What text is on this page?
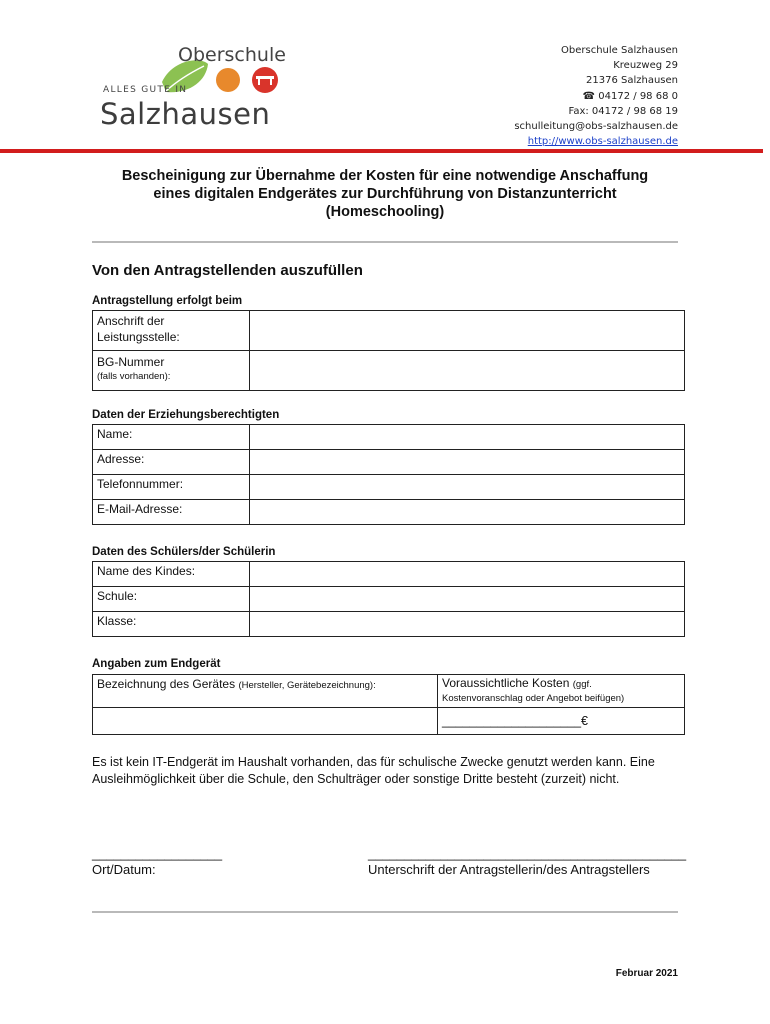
Oberschule
ALLES GUTE IN
Salzhausen
Oberschule Salzhausen
Kreuzweg 29
21376 Salzhausen
☎ 04172 / 98 68 0
Fax: 04172 / 98 68 19
schulleitung@obs-salzhausen.de
http://www.obs-salzhausen.de
Bescheinigung zur Übernahme der Kosten für eine notwendige Anschaffung
eines digitalen Endgerätes zur Durchführung von Distanzunterricht
(Homeschooling)
Von den Antragstellenden auszufüllen
Antragstellung erfolgt beim
Anschrift der
Leistungsstelle:	

BG-Nummer
(falls vorhanden):	

Daten der Erziehungsberechtigten
Name:	
Adresse:	
Telefonnummer:	
E-Mail-Adresse:	
Daten des Schülers/der Schülerin
Name des Kindes:	
Schule:	
Klasse:	
Angaben zum Endgerät
Bezeichnung des Gerätes (Hersteller, Gerätebezeichnung):	Voraussichtliche Kosten (ggf.
Kostenvoranschlag oder Angebot beifügen)
	____________________€
Es ist kein IT-Endgerät im Haushalt vorhanden, das für schulische Zwecke genutzt werden kann. Eine Ausleihmöglichkeit über die Schule, den Schulträger oder sonstige Dritte besteht (zurzeit) nicht.
__________________
Ort/Datum:
____________________________________________
Unterschrift der Antragstellerin/des Antragstellers
Februar 2021
